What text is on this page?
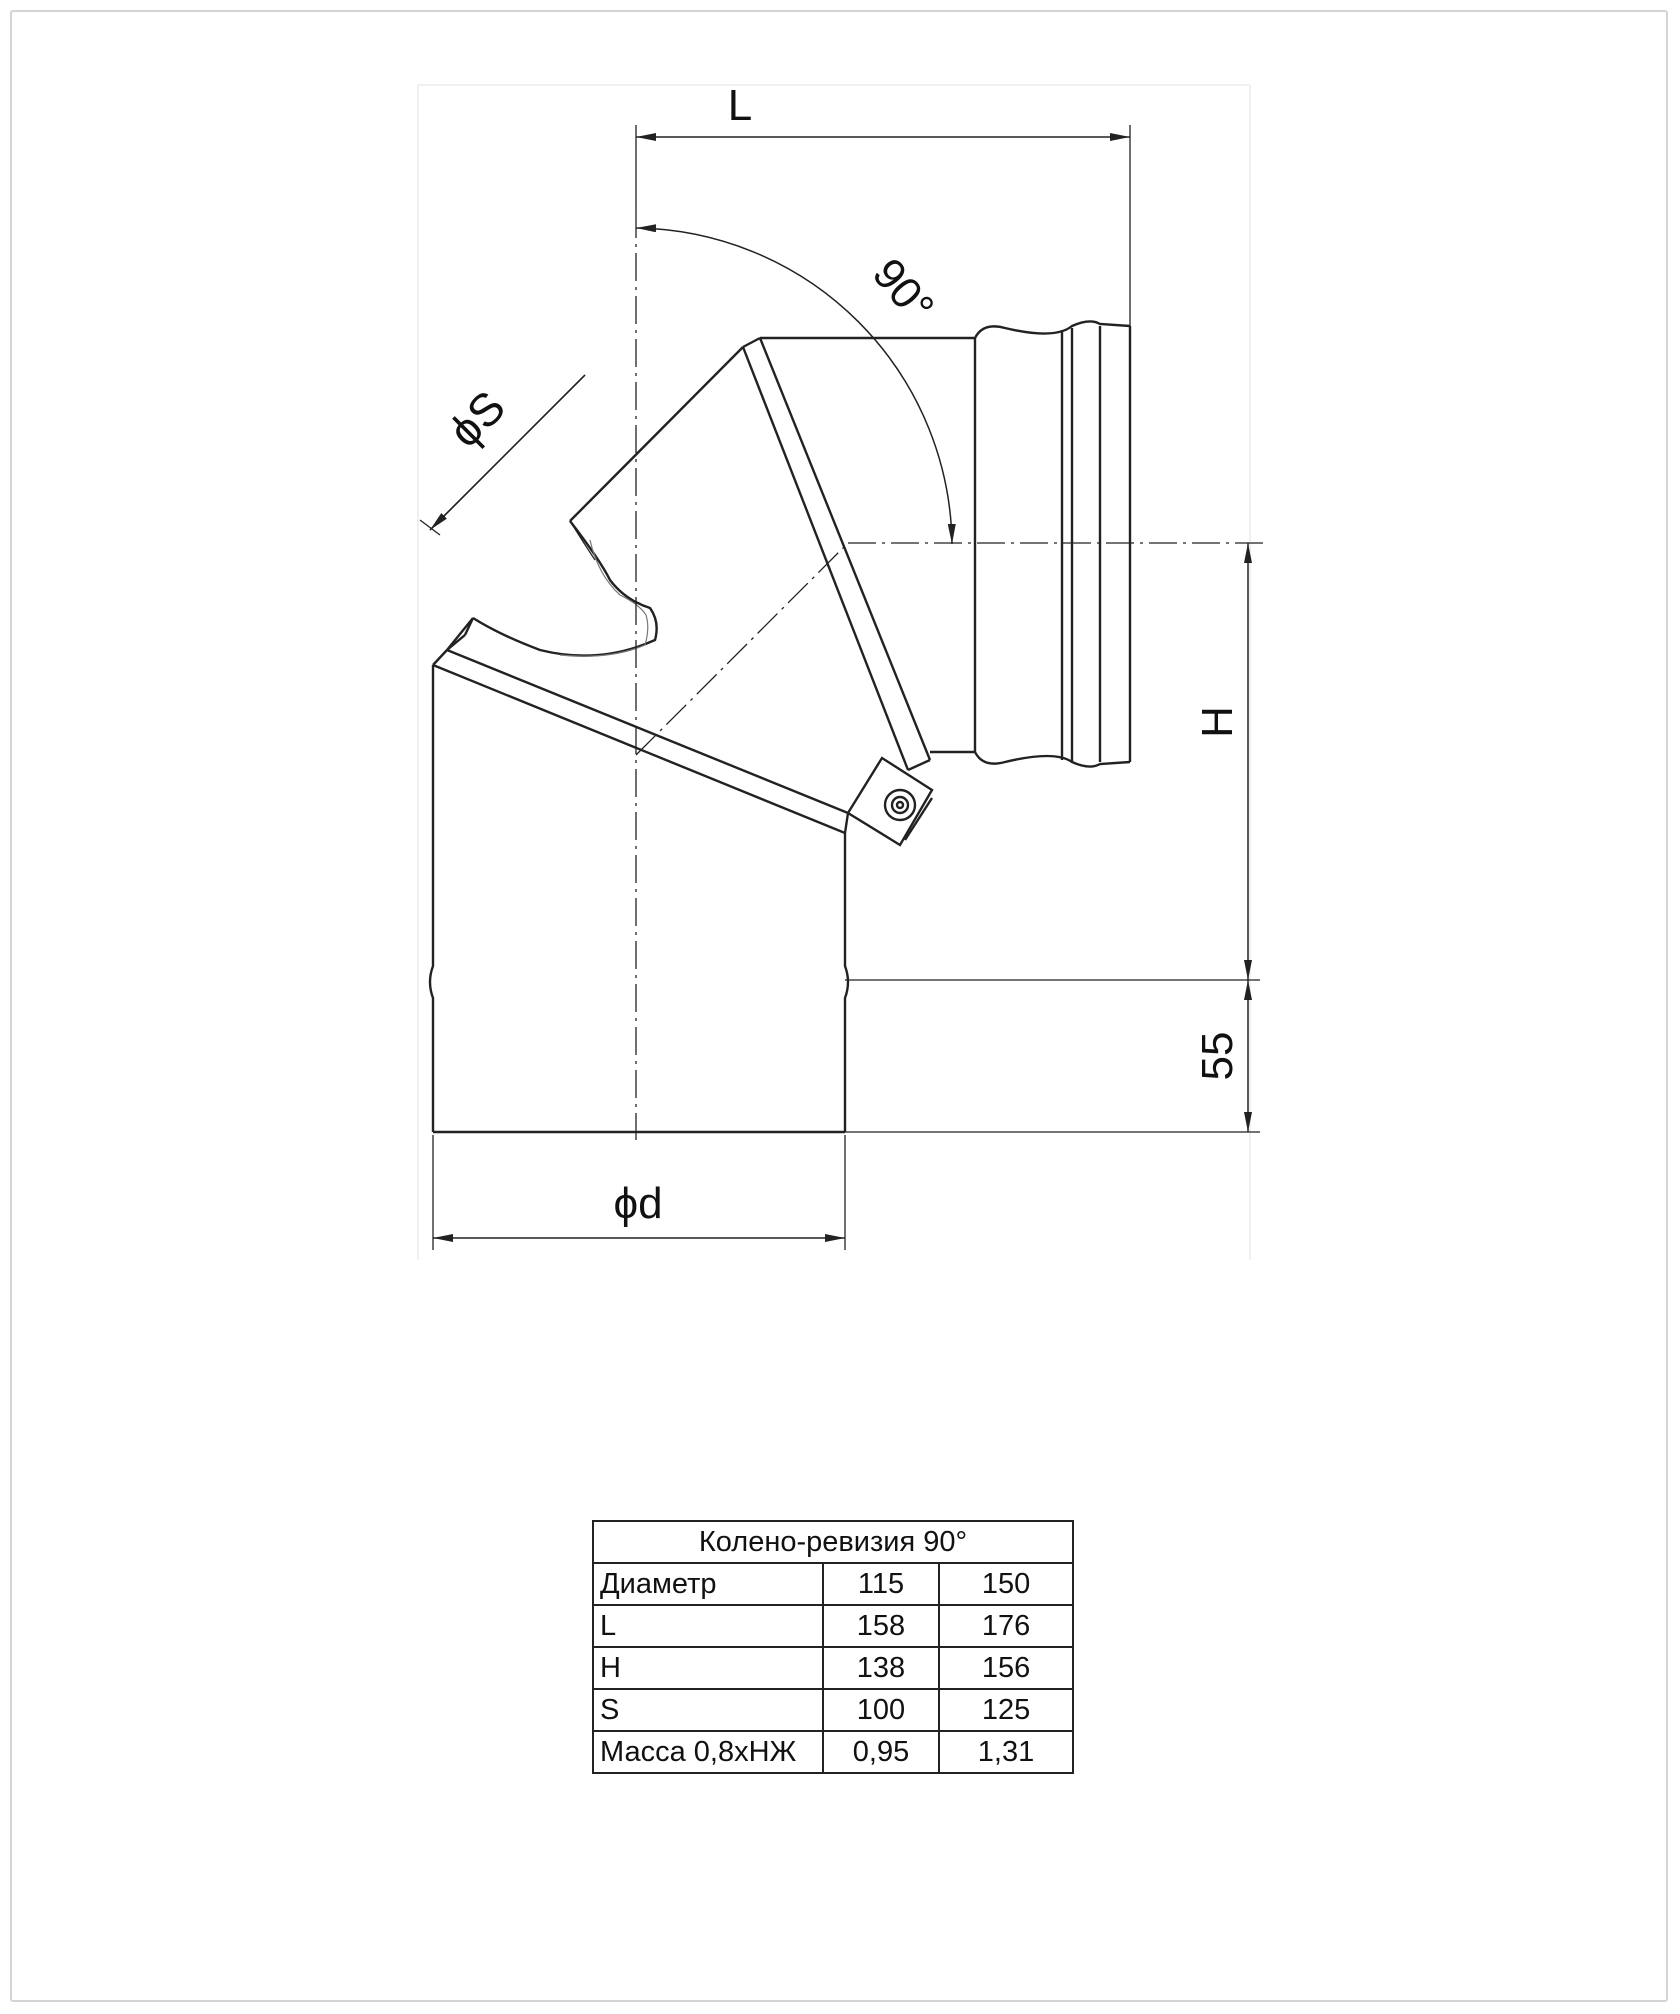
L
90°
ϕS
H
55
ϕd
Колено-ревизия 90°		
Диаметр	115	150
L	158	176
H	138	156
S	100	125
Масса 0,8хНЖ	0,95	1,31
